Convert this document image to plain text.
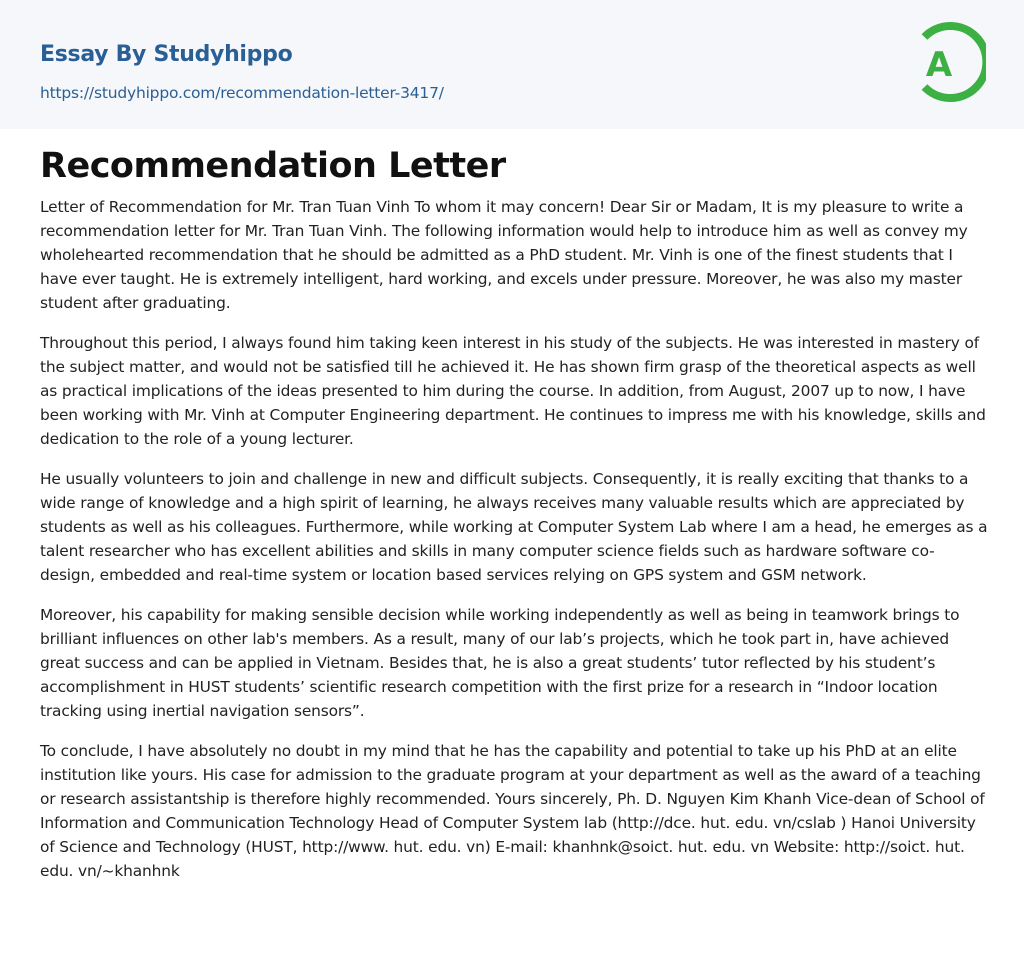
Essay By Studyhippo
https://studyhippo.com/recommendation-letter-3417/
A
Recommendation Letter

Letter of Recommendation for Mr. Tran Tuan Vinh To whom it may concern! Dear Sir or Madam, It is my pleasure to write a recommendation letter for Mr. Tran Tuan Vinh. The following information would help to introduce him as well as convey my wholehearted recommendation that he should be admitted as a PhD student. Mr. Vinh is one of the finest students that I have ever taught. He is extremely intelligent, hard working, and excels under pressure. Moreover, he was also my master student after graduating.

Throughout this period, I always found him taking keen interest in his study of the subjects. He was interested in mastery of the subject matter, and would not be satisfied till he achieved it. He has shown firm grasp of the theoretical aspects as well as practical implications of the ideas presented to him during the course. In addition, from August, 2007 up to now, I have been working with Mr. Vinh at Computer Engineering department. He continues to impress me with his knowledge, skills and dedication to the role of a young lecturer.

He usually volunteers to join and challenge in new and difficult subjects. Consequently, it is really exciting that thanks to a wide range of knowledge and a high spirit of learning, he always receives many valuable results which are appreciated by students as well as his colleagues. Furthermore, while working at Computer System Lab where I am a head, he emerges as a talent researcher who has excellent abilities and skills in many computer science fields such as hardware software co-design, embedded and real-time system or location based services relying on GPS system and GSM network.

Moreover, his capability for making sensible decision while working independently as well as being in teamwork brings to brilliant influences on other lab's members. As a result, many of our lab’s projects, which he took part in, have achieved great success and can be applied in Vietnam. Besides that, he is also a great students’ tutor reflected by his student’s accomplishment in HUST students’ scientific research competition with the first prize for a research in “Indoor location tracking using inertial navigation sensors”.

To conclude, I have absolutely no doubt in my mind that he has the capability and potential to take up his PhD at an elite institution like yours. His case for admission to the graduate program at your department as well as the award of a teaching or research assistantship is therefore highly recommended. Yours sincerely, Ph. D. Nguyen Kim Khanh Vice-dean of School of Information and Communication Technology Head of Computer System lab (http://dce. hut. edu. vn/cslab ) Hanoi University of Science and Technology (HUST, http://www. hut. edu. vn) E-mail: khanhnk@soict. hut. edu. vn Website: http://soict. hut. edu. vn/~khanhnk
